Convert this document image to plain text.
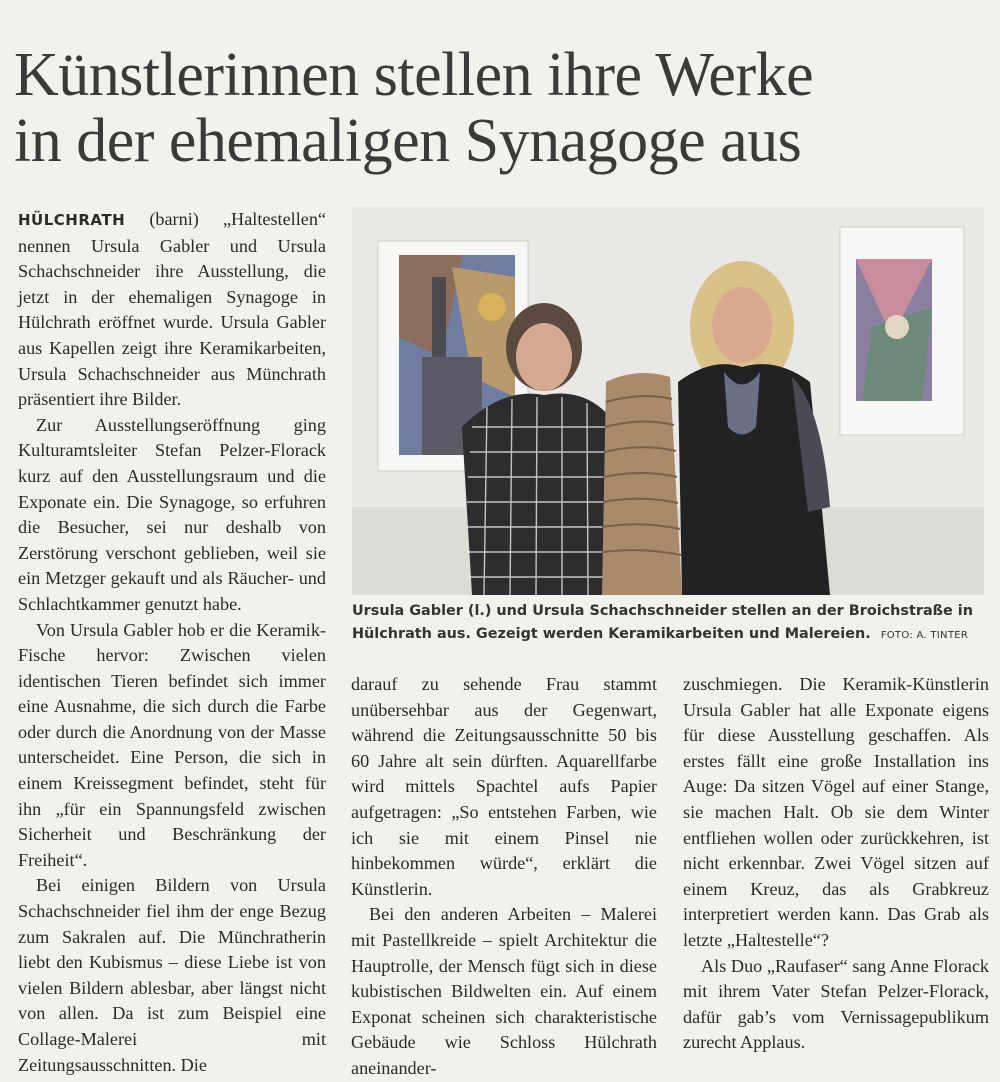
Künstlerinnen stellen ihre Werke
in der ehemaligen Synagoge aus

HÜLCHRATH (barni) „Haltestellen“ nennen Ursula Gabler und Ursula Schachschneider ihre Ausstellung, die jetzt in der ehemaligen Synagoge in Hülchrath eröffnet wurde. Ursula Gabler aus Kapellen zeigt ihre Keramikarbeiten, Ursula Schachschneider aus Münchrath präsentiert ihre Bilder.

Zur Ausstellungseröffnung ging Kulturamtsleiter Stefan Pelzer-Florack kurz auf den Ausstellungsraum und die Exponate ein. Die Synagoge, so erfuhren die Besucher, sei nur deshalb von Zerstörung verschont geblieben, weil sie ein Metzger gekauft und als Räucher- und Schlachtkammer genutzt habe.

Von Ursula Gabler hob er die Keramik-Fische hervor: Zwischen vielen identischen Tieren befindet sich immer eine Ausnahme, die sich durch die Farbe oder durch die Anordnung von der Masse unterscheidet. Eine Person, die sich in einem Kreissegment befindet, steht für ihn „für ein Spannungsfeld zwischen Sicherheit und Beschränkung der Freiheit“.

Bei einigen Bildern von Ursula Schachschneider fiel ihm der enge Bezug zum Sakralen auf. Die Münchratherin liebt den Kubismus – diese Liebe ist von vielen Bildern ablesbar, aber längst nicht von allen. Da ist zum Beispiel eine Collage-Malerei mit Zeitungsausschnitten. Die

Ursula Gabler (l.) und Ursula Schachschneider stellen an der Broichstraße in Hülchrath aus. Gezeigt werden Keramikarbeiten und Malereien. FOTO: A. TINTER

darauf zu sehende Frau stammt unübersehbar aus der Gegenwart, während die Zeitungsausschnitte 50 bis 60 Jahre alt sein dürften. Aquarellfarbe wird mittels Spachtel aufs Papier aufgetragen: „So entstehen Farben, wie ich sie mit einem Pinsel nie hinbekommen würde“, erklärt die Künstlerin.

Bei den anderen Arbeiten – Malerei mit Pastellkreide – spielt Architektur die Hauptrolle, der Mensch fügt sich in diese kubistischen Bildwelten ein. Auf einem Exponat scheinen sich charakteristische Gebäude wie Schloss Hülchrath aneinander-

zuschmiegen. Die Keramik-Künstlerin Ursula Gabler hat alle Exponate eigens für diese Ausstellung geschaffen. Als erstes fällt eine große Installation ins Auge: Da sitzen Vögel auf einer Stange, sie machen Halt. Ob sie dem Winter entfliehen wollen oder zurückkehren, ist nicht erkennbar. Zwei Vögel sitzen auf einem Kreuz, das als Grabkreuz interpretiert werden kann. Das Grab als letzte „Haltestelle“?

Als Duo „Raufaser“ sang Anne Florack mit ihrem Vater Stefan Pelzer-Florack, dafür gab’s vom Vernissagepublikum zurecht Applaus.
